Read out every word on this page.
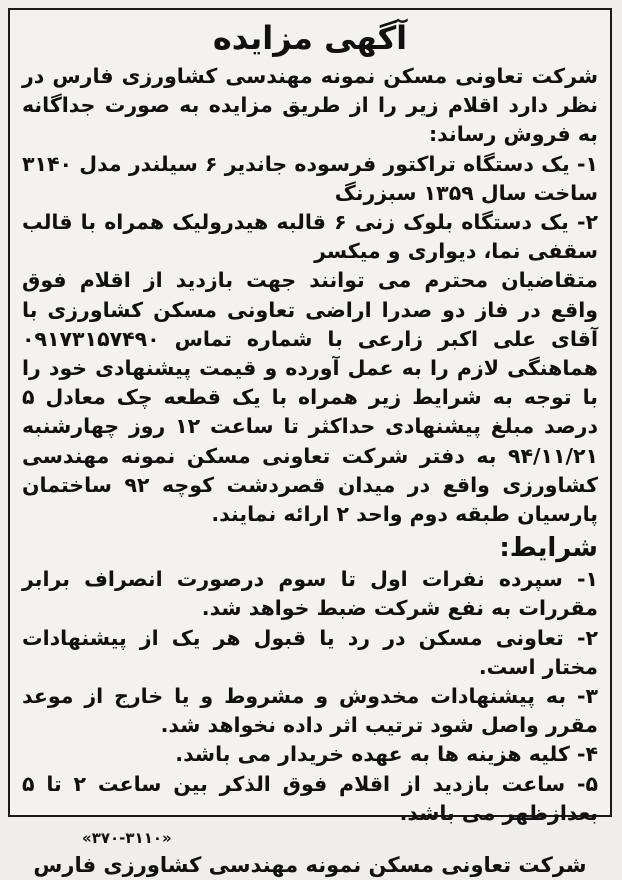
آگهی مزایده

شرکت تعاونی مسکن نمونه مهندسی کشاورزی فارس در نظر دارد اقلام زیر را از طریق مزایده به صورت جداگانه به فروش رساند:

۱- یک دستگاه تراکتور فرسوده جاندیر ۶ سیلندر مدل ۳۱۴۰ ساخت سال ۱۳۵۹ سبزرنگ

۲- یک دستگاه بلوک زنی ۶ قالبه هیدرولیک همراه با قالب سقفی نما، دیواری و میکسر

متقاضیان محترم می توانند جهت بازدید از اقلام فوق واقع در فاز دو صدرا اراضی تعاونی مسکن کشاورزی با آقای علی اکبر زارعی با شماره تماس ۰۹۱۷۳۱۵۷۴۹۰ هماهنگی لازم را به عمل آورده و قیمت پیشنهادی خود را با توجه به شرایط زیر همراه با یک قطعه چک معادل ۵ درصد مبلغ پیشنهادی حداکثر تا ساعت ۱۲ روز چهارشنبه ۹۴/۱۱/۲۱ به دفتر شرکت تعاونی مسکن نمونه مهندسی کشاورزی واقع در میدان قصردشت کوچه ۹۲ ساختمان پارسیان طبقه دوم واحد ۲ ارائه نمایند.

شرایط:

۱- سپرده نفرات اول تا سوم درصورت انصراف برابر مقررات به نفع شرکت ضبط خواهد شد.

۲- تعاونی مسکن در رد یا قبول هر یک از پیشنهادات مختار است.

۳- به پیشنهادات مخدوش و مشروط و یا خارج از موعد مقرر واصل شود ترتیب اثر داده نخواهد شد.

۴- کلیه هزینه ها به عهده خریدار می باشد.

۵- ساعت بازدید از اقلام فوق الذکر بین ساعت ۲ تا ۵ بعدازظهر می باشد.

«۳۷۰-۳۱۱۰»
شرکت تعاونی مسکن نمونه مهندسی کشاورزی فارس
